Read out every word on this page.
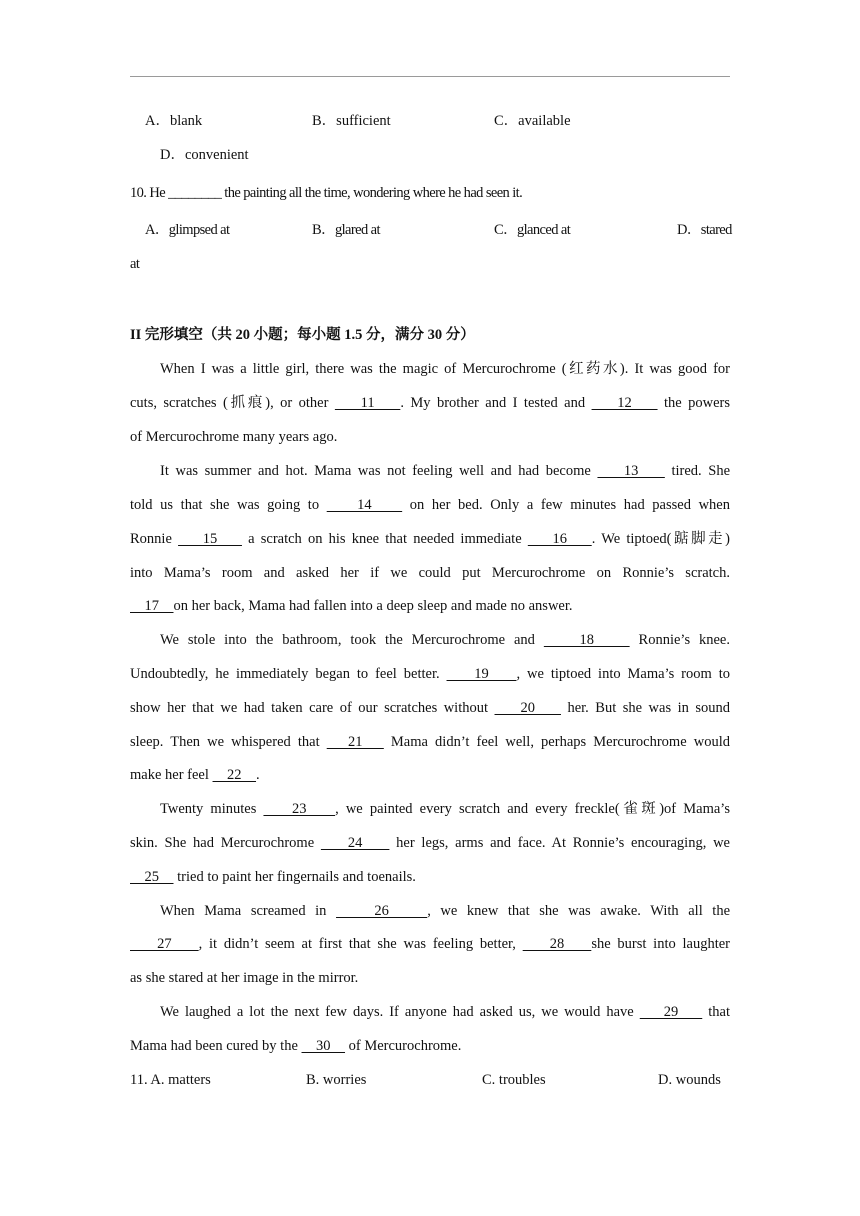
A．blank	B．sufficient	C．available
D．convenient
10. He ________ the painting all the time, wondering where he had seen it.
A．glimpsed at	B．glared at	C．glanced at	D．stared
at
II 完形填空（共 20 小题；每小题 1.5 分，满分 30 分）
When I was a little girl, there was the magic of Mercurochrome (红药水). It was good for
cuts, scratches (抓痕), or other     11    . My brother and I tested and     12     the powers
of Mercurochrome many years ago.
It was summer and hot. Mama was not feeling well and had become     13     tired. She
told us that she was going to     14     on her bed. Only a few minutes had passed when
Ronnie     15     a scratch on his knee that needed immediate     16    . We tiptoed(踮脚走)
into Mama’s room and asked her if we could put Mercurochrome on Ronnie’s scratch.
17    on her back, Mama had fallen into a deep sleep and made no answer.
We stole into the bathroom, took the Mercurochrome and     18     Ronnie’s knee.
Undoubtedly, he immediately began to feel better.     19    , we tiptoed into Mama’s room to
show her that we had taken care of our scratches without     20     her. But she was in sound
sleep. Then we whispered that    21    Mama didn’t feel well, perhaps Mercurochrome would
make her feel     22    .
Twenty minutes     23    , we painted every scratch and every freckle(雀斑)of Mama’s
skin. She had Mercurochrome     24     her legs, arms and face. At Ronnie’s encouraging, we
25     tried to paint her fingernails and toenails.
When Mama screamed in     26    , we knew that she was awake. With all the
27    , it didn’t seem at first that she was feeling better,     28    she burst into laughter
as she stared at her image in the mirror.
We laughed a lot the next few days. If anyone had asked us, we would have     29     that
Mama had been cured by the     30     of Mercurochrome.
11. A. matters	B. worries	C. troubles	D. wounds
